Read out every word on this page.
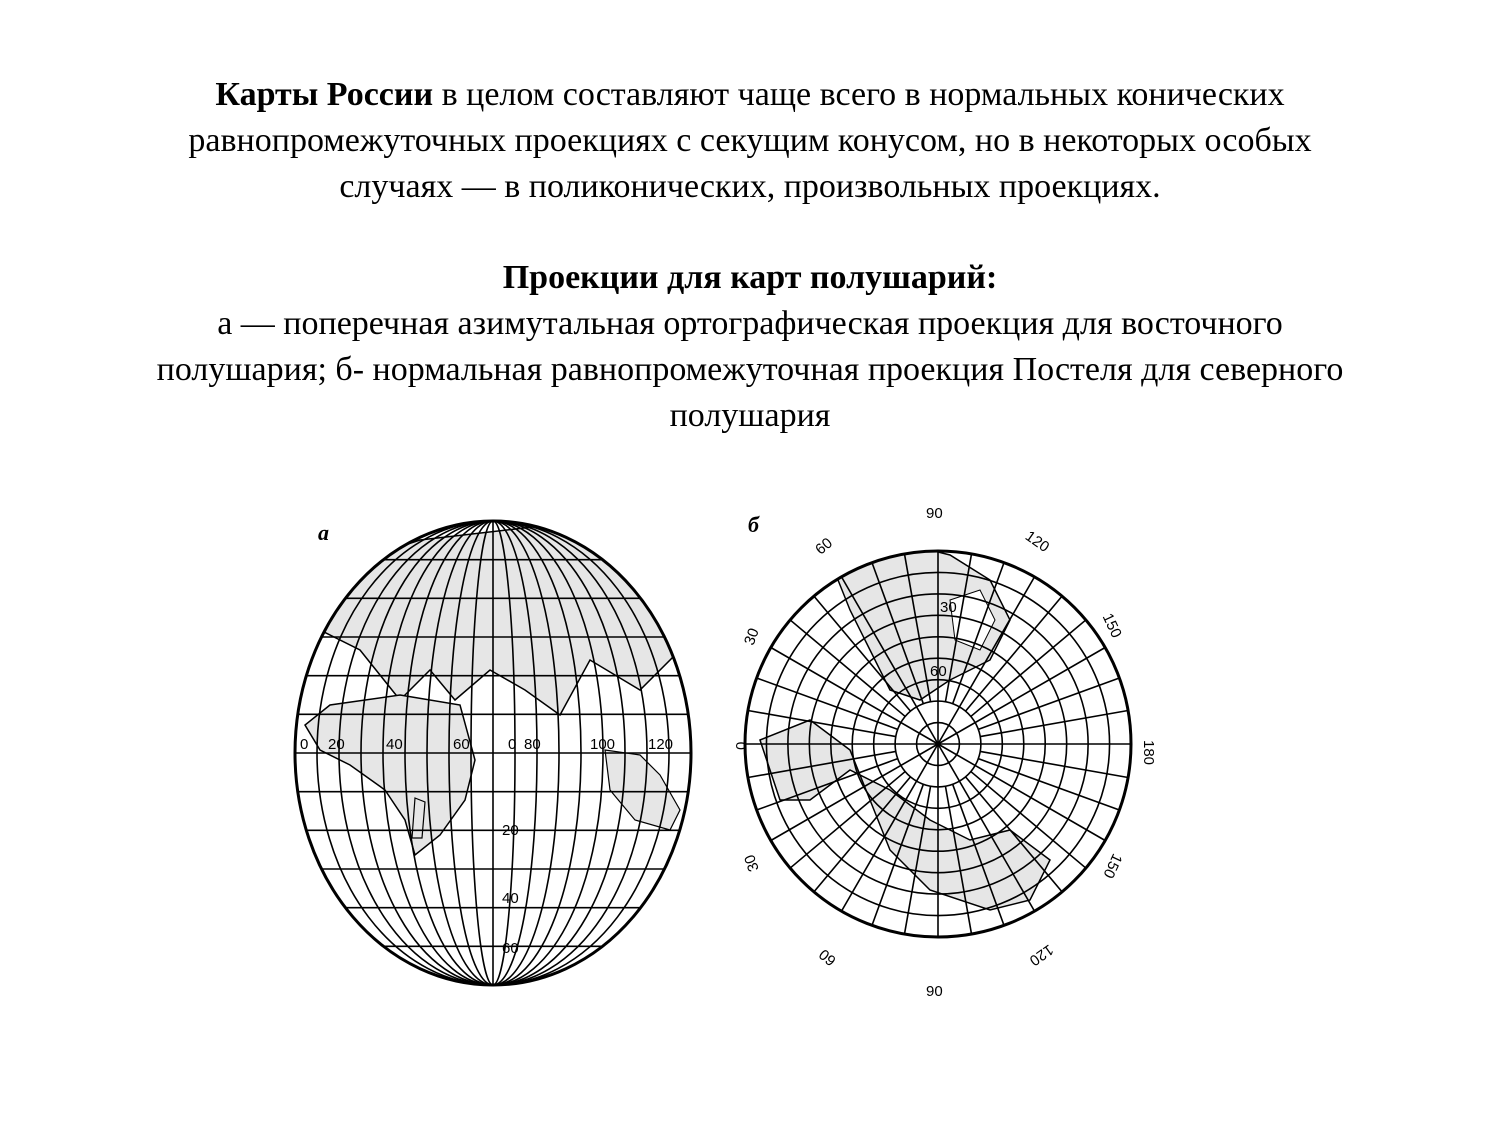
Карты России в целом составляют чаще всего в нормальных конических
равнопромежуточных проекциях с секущим конусом, но в некоторых особых
случаях — в поликонических, произвольных проекциях.
Проекции для карт полушарий:
а — поперечная азимутальная ортографическая проекция для восточного
полушария; б- нормальная равнопромежуточная проекция Постеля для северного
полушария
а
0 20	40	60	0 80	100 120
20
40
60
б	90
90
0	180
60
30
30
60
120
150
150
120
30
60
